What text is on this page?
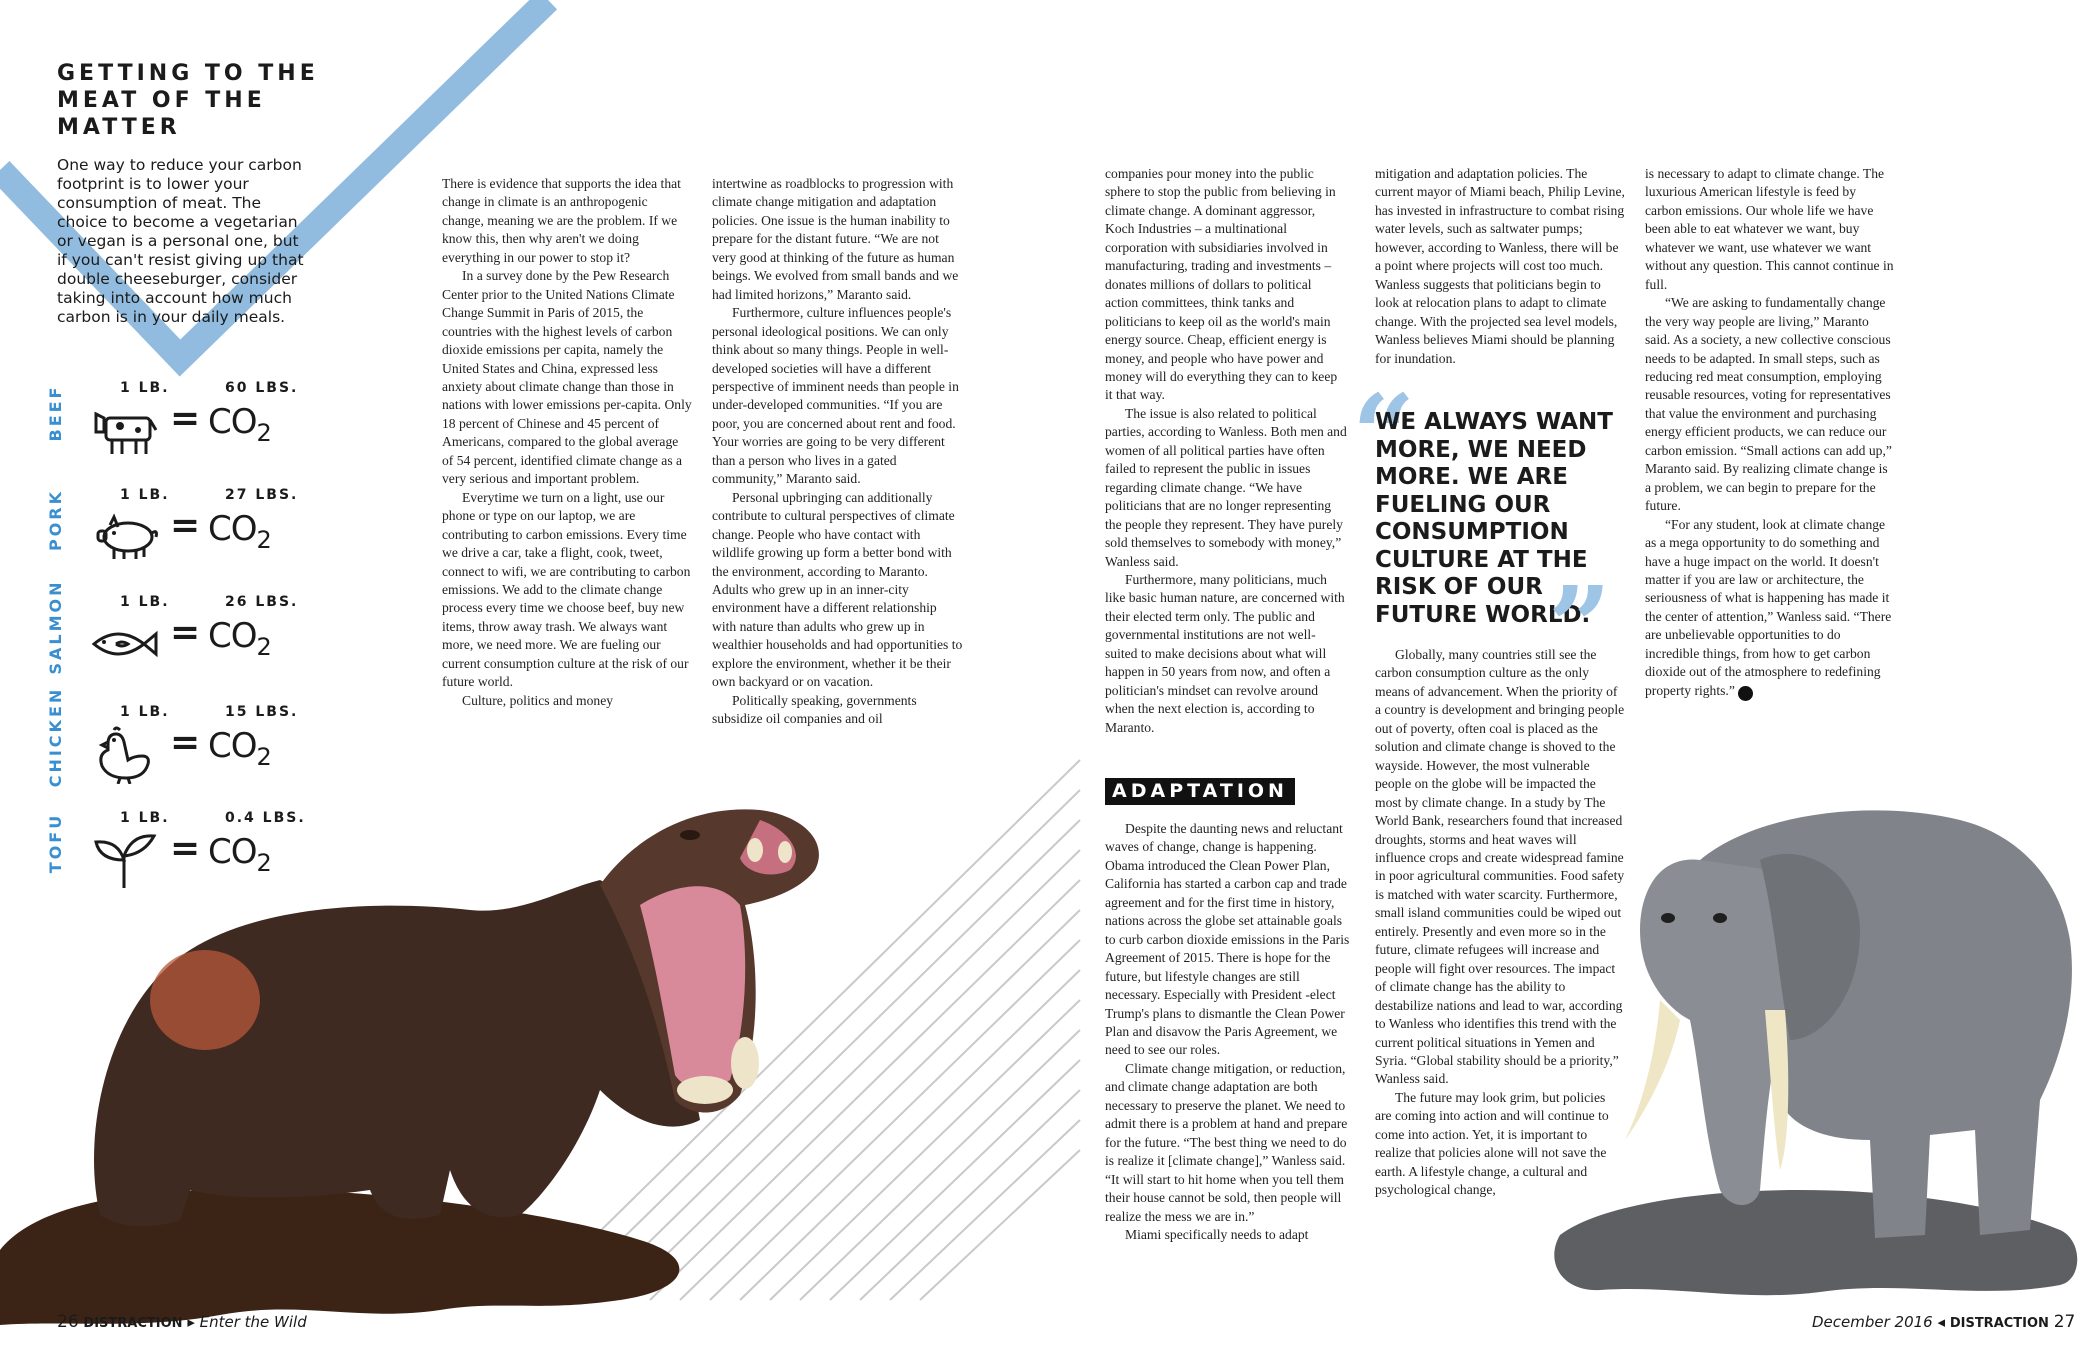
GETTING TO THE MEAT OF THE MATTER

One way to reduce your carbon footprint is to lower your consumption of meat. The choice to become a vegetarian or vegan is a personal one, but if you can't resist giving up that double cheeseburger, consider taking into account how much carbon is in your daily meals.

BEEF	1 LB.	60 LBS.
= $CO_2$
PORK	1 LB.	27 LBS.
= $CO_2$
SALMON	1 LB.	26 LBS.
= $CO_2$
CHICKEN	1 LB.	15 LBS.
= $CO_2$
TOFU	1 LB.	0.4 LBS.
= $CO_2$

There is evidence that supports the idea that change in climate is an anthropogenic change, meaning we are the problem. If we know this, then why aren't we doing everything in our power to stop it?

In a survey done by the Pew Research Center prior to the United Nations Climate Change Summit in Paris of 2015, the countries with the highest levels of carbon dioxide emissions per capita, namely the United States and China, expressed less anxiety about climate change than those in nations with lower emissions per-capita. Only 18 percent of Chinese and 45 percent of Americans, compared to the global average of 54 percent, identified climate change as a very serious and important problem.

Everytime we turn on a light, use our phone or type on our laptop, we are contributing to carbon emissions. Every time we drive a car, take a flight, cook, tweet, connect to wifi, we are contributing to carbon emissions. We add to the climate change process every time we choose beef, buy new items, throw away trash. We always want more, we need more. We are fueling our current consumption culture at the risk of our future world.

Culture, politics and money

intertwine as roadblocks to progression with climate change mitigation and adaptation policies. One issue is the human inability to prepare for the distant future. “We are not very good at thinking of the future as human beings. We evolved from small bands and we had limited horizons,” Maranto said.

Furthermore, culture influences people's personal ideological positions. We can only think about so many things. People in well-developed societies will have a different perspective of imminent needs than people in under-developed communities. “If you are poor, you are concerned about rent and food. Your worries are going to be very different than a person who lives in a gated community,” Maranto said.

Personal upbringing can additionally contribute to cultural perspectives of climate change. People who have contact with wildlife growing up form a better bond with the environment, according to Maranto. Adults who grew up in an inner-city environment have a different relationship with nature than adults who grew up in wealthier households and had opportunities to explore the environment, whether it be their own backyard or on vacation.

Politically speaking, governments subsidize oil companies and oil

companies pour money into the public sphere to stop the public from believing in climate change. A dominant aggressor, Koch Industries – a multinational corporation with subsidiaries involved in manufacturing, trading and investments – donates millions of dollars to political action committees, think tanks and politicians to keep oil as the world's main energy source. Cheap, efficient energy is money, and people who have power and money will do everything they can to keep it that way.

The issue is also related to political parties, according to Wanless. Both men and women of all political parties have often failed to represent the public in issues regarding climate change. “We have politicians that are no longer representing the people they represent. They have purely sold themselves to somebody with money,” Wanless said.

Furthermore, many politicians, much like basic human nature, are concerned with their elected term only. The public and governmental institutions are not well-suited to make decisions about what will happen in 50 years from now, and often a politician's mindset can revolve around when the next election is, according to Maranto.

ADAPTATION

Despite the daunting news and reluctant waves of change, change is happening. Obama introduced the Clean Power Plan, California has started a carbon cap and trade agreement and for the first time in history, nations across the globe set attainable goals to curb carbon dioxide emissions in the Paris Agreement of 2015. There is hope for the future, but lifestyle changes are still necessary. Especially with President -elect Trump's plans to dismantle the Clean Power Plan and disavow the Paris Agreement, we need to see our roles.

Climate change mitigation, or reduction, and climate change adaptation are both necessary to preserve the planet. We need to admit there is a problem at hand and prepare for the future. “The best thing we need to do is realize it [climate change],” Wanless said. “It will start to hit home when you tell them their house cannot be sold, then people will realize the mess we are in.”

Miami specifically needs to adapt

mitigation and adaptation policies. The current mayor of Miami beach, Philip Levine, has invested in infrastructure to combat rising water levels, such as saltwater pumps; however, according to Wanless, there will be a point where projects will cost too much. Wanless suggests that politicians begin to look at relocation plans to adapt to climate change. With the projected sea level models, Wanless believes Miami should be planning for inundation.

“

WE ALWAYS WANT MORE, WE NEED MORE. WE ARE FUELING OUR CONSUMPTION CULTURE AT THE RISK OF OUR FUTURE WORLD.

”

Globally, many countries still see the carbon consumption culture as the only means of advancement. When the priority of a country is development and bringing people out of poverty, often coal is placed as the solution and climate change is shoved to the wayside. However, the most vulnerable people on the globe will be impacted the most by climate change. In a study by The World Bank, researchers found that increased droughts, storms and heat waves will influence crops and create widespread famine in poor agricultural communities. Food safety is matched with water scarcity. Furthermore, small island communities could be wiped out entirely. Presently and even more so in the future, climate refugees will increase and people will fight over resources. The impact of climate change has the ability to destabilize nations and lead to war, according to Wanless who identifies this trend with the current political situations in Yemen and Syria. “Global stability should be a priority,” Wanless said.

The future may look grim, but policies are coming into action and will continue to come into action. Yet, it is important to realize that policies alone will not save the earth. A lifestyle change, a cultural and psychological change,

is necessary to adapt to climate change. The luxurious American lifestyle is feed by carbon emissions. Our whole life we have been able to eat whatever we want, buy whatever we want, use whatever we want without any question. This cannot continue in full.

“We are asking to fundamentally change the very way people are living,” Maranto said. As a society, a new collective conscious needs to be adapted. In small steps, such as reducing red meat consumption, employing reusable resources, voting for representatives that value the environment and purchasing energy efficient products, we can reduce our carbon emission. “Small actions can add up,” Maranto said. By realizing climate change is a problem, we can begin to prepare for the future.

“For any student, look at climate change as a mega opportunity to do something and have a huge impact on the world. It doesn't matter if you are law or architecture, the seriousness of what is happening has made it the center of attention,” Wanless said. “There are unbelievable opportunities to do incredible things, from how to get carbon dioxide out of the atmosphere to redefining property rights.” D

26 DISTRACTION ▸ Enter the Wild	December 2016 ◂ DISTRACTION 27
